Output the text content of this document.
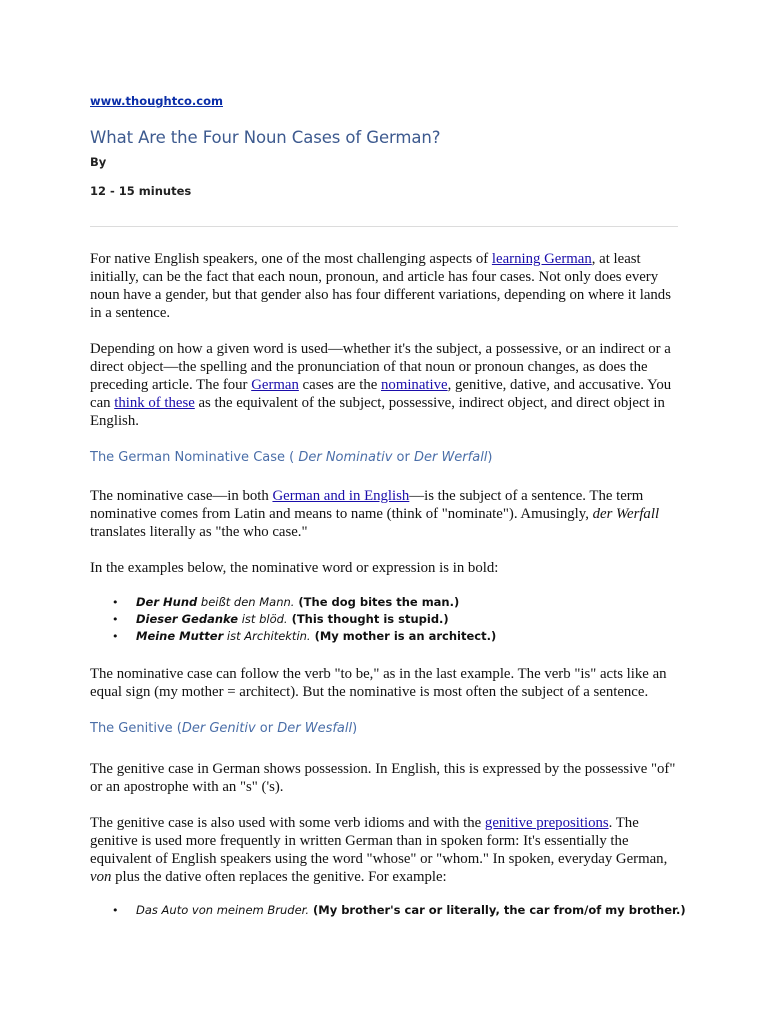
www.thoughtco.com
What Are the Four Noun Cases of German?
By
12 - 15 minutes

For native English speakers, one of the most challenging aspects of learning German, at least initially, can be the fact that each noun, pronoun, and article has four cases. Not only does every noun have a gender, but that gender also has four different variations, depending on where it lands in a sentence.

Depending on how a given word is used—whether it's the subject, a possessive, or an indirect or a direct object—the spelling and the pronunciation of that noun or pronoun changes, as does the preceding article. The four German cases are the nominative, genitive, dative, and accusative. You can think of these as the equivalent of the subject, possessive, indirect object, and direct object in English.

The German Nominative Case ( Der Nominativ or Der Werfall)

The nominative case—in both German and in English—is the subject of a sentence. The term nominative comes from Latin and means to name (think of "nominate"). Amusingly, der Werfall translates literally as "the who case."

In the examples below, the nominative word or expression is in bold:

• Der Hund beißt den Mann. (The dog bites the man.)
• Dieser Gedanke ist blöd. (This thought is stupid.)
• Meine Mutter ist Architektin. (My mother is an architect.)

The nominative case can follow the verb "to be," as in the last example. The verb "is" acts like an equal sign (my mother = architect). But the nominative is most often the subject of a sentence.

The Genitive (Der Genitiv or Der Wesfall)

The genitive case in German shows possession. In English, this is expressed by the possessive "of" or an apostrophe with an "s" ('s).

The genitive case is also used with some verb idioms and with the genitive prepositions. The genitive is used more frequently in written German than in spoken form: It's essentially the equivalent of English speakers using the word "whose" or "whom." In spoken, everyday German, von plus the dative often replaces the genitive. For example:

• Das Auto von meinem Bruder. (My brother's car or literally, the car from/of my brother.)
